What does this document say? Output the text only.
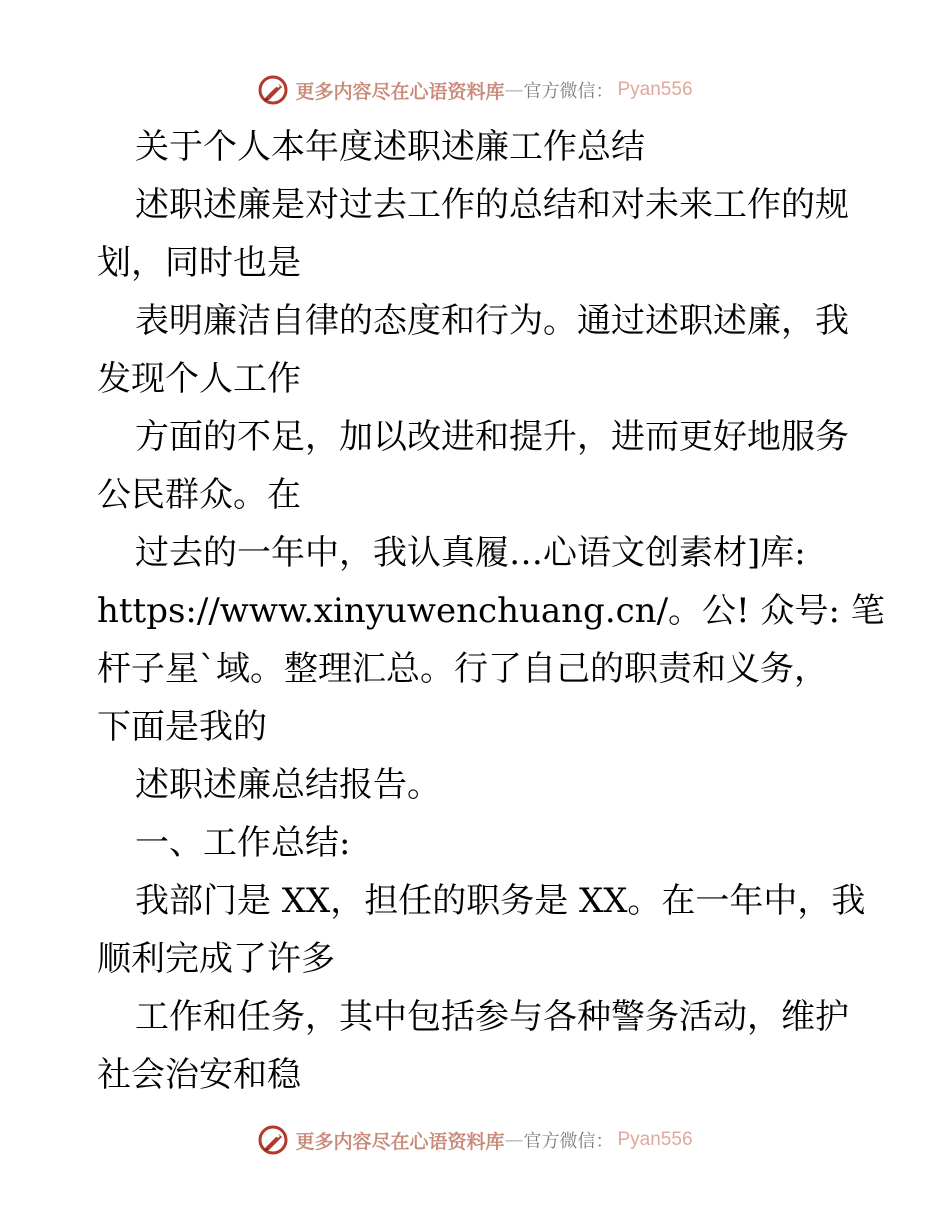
更多内容尽在心语资料库 — 官方微信 ： Pyan556
关于个人本年度述职述廉工作总结
述职述廉是对过去工作的总结和对未来工作的规
划，同时也是
表明廉洁自律的态度和行为。通过述职述廉，我
发现个人工作
方面的不足，加以改进和提升，进而更好地服务
公民群众。在
过去的一年中，我认真履…心语文创素材]库:
https://www.xinyuwenchuang.cn/。公! 众号: 笔
杆子星`域。整理汇总。行了自己的职责和义务，
下面是我的
述职述廉总结报告。
一、工作总结:
我部门是 XX，担任的职务是 XX。在一年中，我
顺利完成了许多
工作和任务，其中包括参与各种警务活动，维护
社会治安和稳
更多内容尽在心语资料库 — 官方微信 ： Pyan556
